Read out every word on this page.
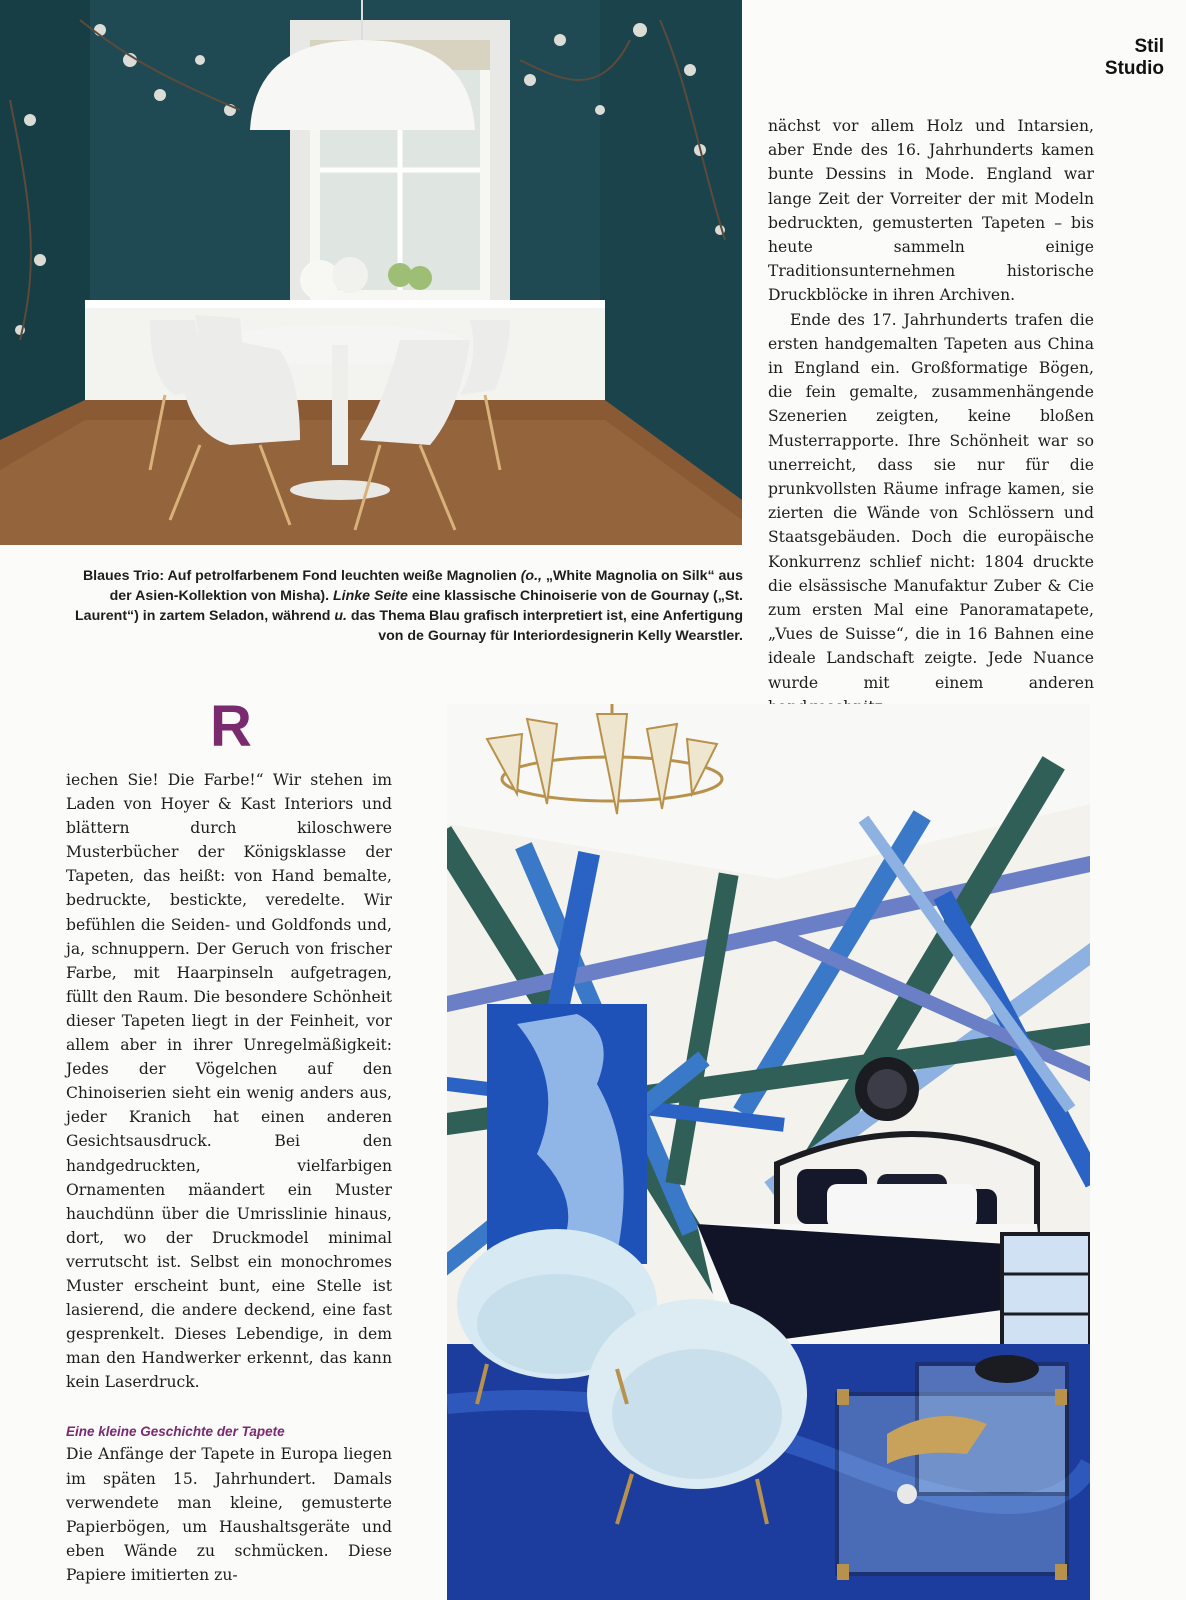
Stil
Studio
Blaues Trio: Auf petrolfarbenem Fond leuchten weiße Magnolien (o., „White Magnolia on Silk“ aus der Asien-Kollektion von Misha). Linke Seite eine klassische Chinoiserie von de Gournay („St. Laurent“) in zartem Seladon, während u. das Thema Blau grafisch interpretiert ist, eine Anfertigung von de Gournay für Interiordesignerin Kelly Wearstler.

nächst vor allem Holz und Intarsien, aber Ende des 16. Jahrhunderts kamen bunte Dessins in Mode. England war lange Zeit der Vorreiter der mit Modeln bedruckten, gemusterten Tapeten – bis heute sammeln einige Traditionsunternehmen historische Druckblöcke in ihren Archiven.

Ende des 17. Jahrhunderts trafen die ersten handgemalten Tapeten aus China in England ein. Großformatige Bögen, die fein gemalte, zusammenhängende Szenerien zeigten, keine bloßen Musterrapporte. Ihre Schönheit war so unerreicht, dass sie nur für die prunkvollsten Räume infrage kamen, sie zierten die Wände von Schlössern und Staatsgebäuden. Doch die europäische Konkurrenz schlief nicht: 1804 druckte die elsässische Manufaktur Zuber & Cie zum ersten Mal eine Panoramatapete, „Vues de Suisse“, die in 16 Bahnen eine ideale Landschaft zeigte. Jede Nuance wurde mit einem anderen

R

iechen Sie! Die Farbe!“ Wir stehen im Laden von Hoyer & Kast Interiors und blättern durch kiloschwere Musterbücher der Königsklasse der Tapeten, das heißt: von Hand bemalte, bedruckte, bestickte, veredelte. Wir befühlen die Seiden- und Goldfonds und, ja, schnuppern. Der Geruch von frischer Farbe, mit Haarpinseln aufgetragen, füllt den Raum. Die besondere Schönheit dieser Tapeten liegt in der Feinheit, vor allem aber in ihrer Unregelmäßigkeit: Jedes der Vögelchen auf den Chinoiserien sieht ein wenig anders aus, jeder Kranich hat einen anderen Gesichtsausdruck. Bei den handgedruckten, vielfarbigen Ornamenten mäandert ein Muster hauchdünn über die Umrisslinie hinaus, dort, wo der Druckmodel minimal verrutscht ist. Selbst ein monochromes Muster erscheint bunt, eine Stelle ist lasierend, die andere deckend, eine fast gesprenkelt. Dieses Lebendige, in dem man den Handwerker erkennt, das kann kein Laserdruck.

Eine kleine Geschichte der Tapete

Die Anfänge der Tapete in Europa liegen im späten 15. Jahrhundert. Damals verwendete man kleine, gemusterte Papierbögen, um Haushaltsgeräte und eben Wände zu schmücken. Diese Papiere imitierten zu-
